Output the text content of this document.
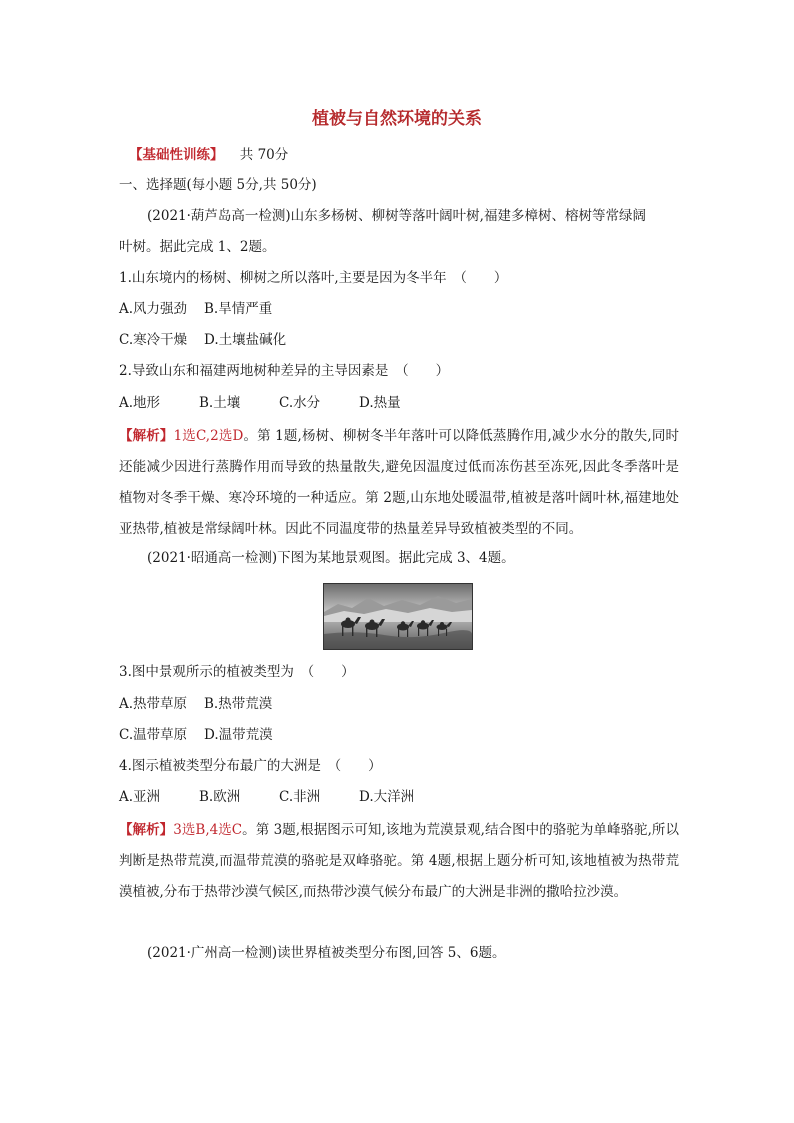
植被与自然环境的关系
【基础性训练】 共 70分
一、选择题(每小题 5分,共 50分)
(2021·葫芦岛高一检测)山东多杨树、柳树等落叶阔叶树,福建多樟树、榕树等常绿阔
叶树。据此完成 1、2题。
1.山东境内的杨树、柳树之所以落叶,主要是因为冬半年　（　　）
A.风力强劲 B.旱情严重
C.寒冷干燥 D.土壤盐碱化
2.导致山东和福建两地树种差异的主导因素是　（　　）
A.地形	B.土壤	C.水分	D.热量
【解析】1选C,2选D。第 1题,杨树、柳树冬半年落叶可以降低蒸腾作用,减少水分的散失,同时还能减少因进行蒸腾作用而导致的热量散失,避免因温度过低而冻伤甚至冻死,因此冬季落叶是植物对冬季干燥、寒冷环境的一种适应。第 2题,山东地处暖温带,植被是落叶阔叶林,福建地处亚热带,植被是常绿阔叶林。因此不同温度带的热量差异导致植被类型的不同。
(2021·昭通高一检测)下图为某地景观图。据此完成 3、4题。
3.图中景观所示的植被类型为　（　　）
A.热带草原 B.热带荒漠
C.温带草原 D.温带荒漠
4.图示植被类型分布最广的大洲是　（　　）
A.亚洲	B.欧洲	C.非洲	D.大洋洲
【解析】3选B,4选C。第 3题,根据图示可知,该地为荒漠景观,结合图中的骆驼为单峰骆驼,所以判断是热带荒漠,而温带荒漠的骆驼是双峰骆驼。第 4题,根据上题分析可知,该地植被为热带荒漠植被,分布于热带沙漠气候区,而热带沙漠气候分布最广的大洲是非洲的撒哈拉沙漠。
(2021·广州高一检测)读世界植被类型分布图,回答 5、6题。
